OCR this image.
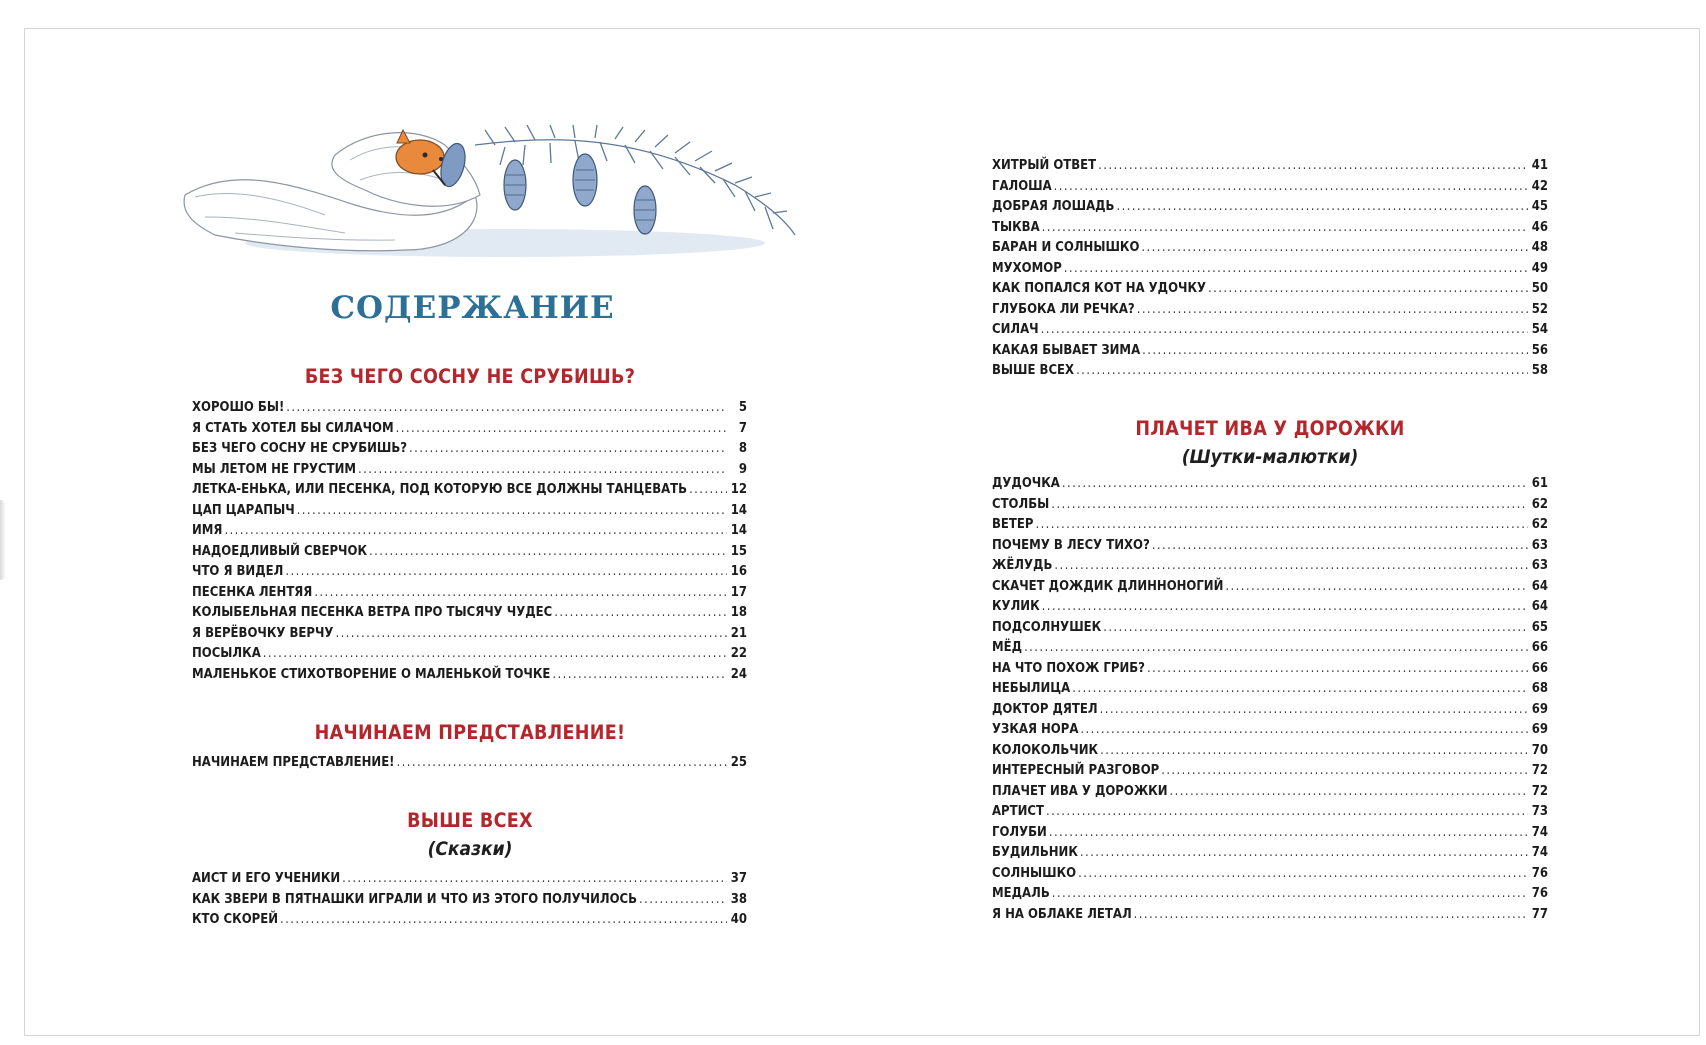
СОДЕРЖАНИЕ
БЕЗ ЧЕГО СОСНУ НЕ СРУБИШЬ?
ХОРОШО БЫ! .....	5
Я СТАТЬ ХОТЕЛ БЫ СИЛАЧОМ .....	7
БЕЗ ЧЕГО СОСНУ НЕ СРУБИШЬ? .....	8
МЫ ЛЕТОМ НЕ ГРУСТИМ .....	9
ЛЕТКА-ЕНЬКА, ИЛИ ПЕСЕНКА, ПОД КОТОРУЮ ВСЕ ДОЛЖНЫ ТАНЦЕВАТЬ .....	12
ЦАП ЦАРАПЫЧ .....	14
ИМЯ .....	14
НАДОЕДЛИВЫЙ СВЕРЧОК .....	15
ЧТО Я ВИДЕЛ .....	16
ПЕСЕНКА ЛЕНТЯЯ .....	17
КОЛЫБЕЛЬНАЯ ПЕСЕНКА ВЕТРА ПРО ТЫСЯЧУ ЧУДЕС .....	18
Я ВЕРЁВОЧКУ ВЕРЧУ .....	21
ПОСЫЛКА .....	22
МАЛЕНЬКОЕ СТИХОТВОРЕНИЕ О МАЛЕНЬКОЙ ТОЧКЕ .....	24
НАЧИНАЕМ ПРЕДСТАВЛЕНИЕ!
НАЧИНАЕМ ПРЕДСТАВЛЕНИЕ! .....	25
ВЫШЕ ВСЕХ
(Сказки)
АИСТ И ЕГО УЧЕНИКИ .....	37
КАК ЗВЕРИ В ПЯТНАШКИ ИГРАЛИ И ЧТО ИЗ ЭТОГО ПОЛУЧИЛОСЬ .....	38
КТО СКОРЕЙ .....	40
ХИТРЫЙ ОТВЕТ .....	41
ГАЛОША .....	42
ДОБРАЯ ЛОШАДЬ .....	45
ТЫКВА .....	46
БАРАН И СОЛНЫШКО .....	48
МУХОМОР .....	49
КАК ПОПАЛСЯ КОТ НА УДОЧКУ .....	50
ГЛУБОКА ЛИ РЕЧКА? .....	52
СИЛАЧ .....	54
КАКАЯ БЫВАЕТ ЗИМА .....	56
ВЫШЕ ВСЕХ .....	58
ПЛАЧЕТ ИВА У ДОРОЖКИ
(Шутки-малютки)
ДУДОЧКА .....	61
СТОЛБЫ .....	62
ВЕТЕР .....	62
ПОЧЕМУ В ЛЕСУ ТИХО? .....	63
ЖЁЛУДЬ .....	63
СКАЧЕТ ДОЖДИК ДЛИННОНОГИЙ .....	64
КУЛИК .....	64
ПОДСОЛНУШЕК .....	65
МЁД .....	66
НА ЧТО ПОХОЖ ГРИБ? .....	66
НЕБЫЛИЦА .....	68
ДОКТОР ДЯТЕЛ .....	69
УЗКАЯ НОРА .....	69
КОЛОКОЛЬЧИК .....	70
ИНТЕРЕСНЫЙ РАЗГОВОР .....	72
ПЛАЧЕТ ИВА У ДОРОЖКИ .....	72
АРТИСТ .....	73
ГОЛУБИ .....	74
БУДИЛЬНИК .....	74
СОЛНЫШКО .....	76
МЕДАЛЬ .....	76
Я НА ОБЛАКЕ ЛЕТАЛ .....	77
